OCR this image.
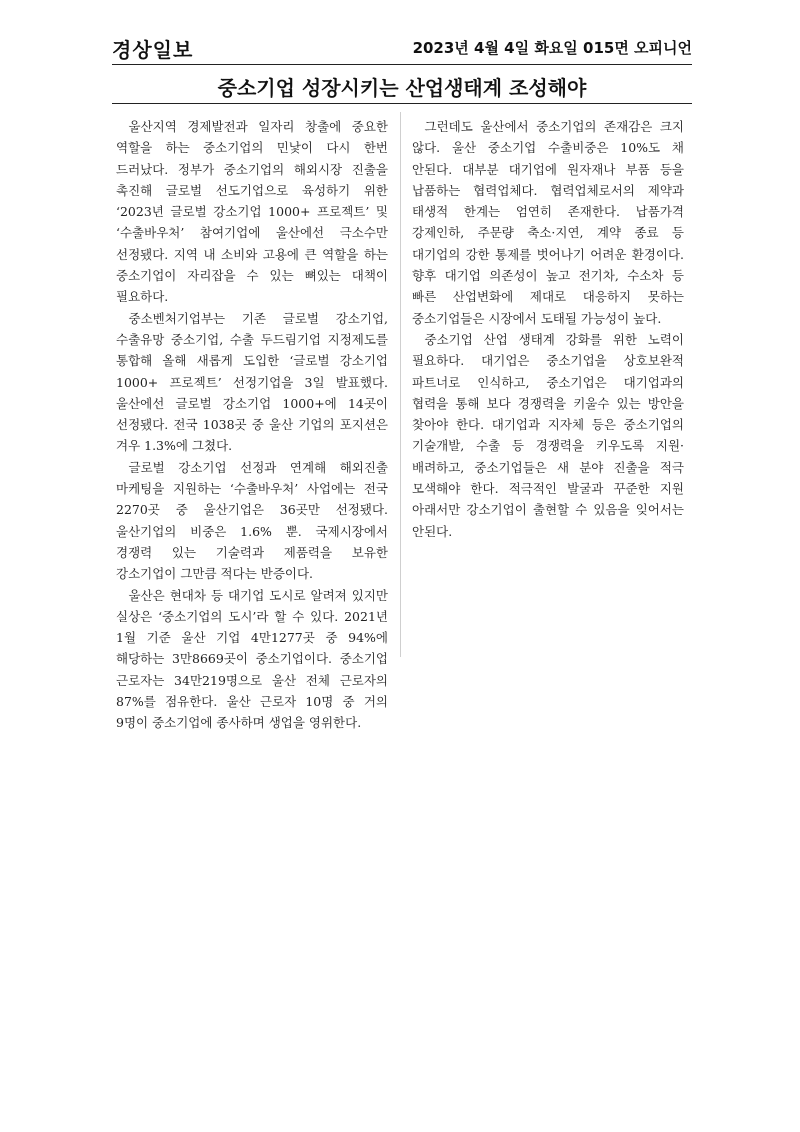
경상일보	2023년 4월 4일 화요일 015면 오피니언
중소기업 성장시키는 산업생태계 조성해야

울산지역 경제발전과 일자리 창출에 중요한 역할을 하는 중소기업의 민낯이 다시 한번 드러났다. 정부가 중소기업의 해외시장 진출을 촉진해 글로벌 선도기업으로 육성하기 위한 ‘2023년 글로벌 강소기업 1000+ 프로젝트’ 및 ‘수출바우처’ 참여기업에 울산에선 극소수만 선정됐다. 지역 내 소비와 고용에 큰 역할을 하는 중소기업이 자리잡을 수 있는 뼈있는 대책이 필요하다.

중소벤처기업부는 기존 글로벌 강소기업, 수출유망 중소기업, 수출 두드림기업 지정제도를 통합해 올해 새롭게 도입한 ‘글로벌 강소기업 1000+ 프로젝트’ 선정기업을 3일 발표했다. 울산에선 글로벌 강소기업 1000+에 14곳이 선정됐다. 전국 1038곳 중 울산 기업의 포지션은 겨우 1.3%에 그쳤다.

글로벌 강소기업 선정과 연계해 해외진출 마케팅을 지원하는 ‘수출바우처’ 사업에는 전국 2270곳 중 울산기업은 36곳만 선정됐다. 울산기업의 비중은 1.6% 뿐. 국제시장에서 경쟁력 있는 기술력과 제품력을 보유한 강소기업이 그만큼 적다는 반증이다.

울산은 현대차 등 대기업 도시로 알려져 있지만 실상은 ‘중소기업의 도시’라 할 수 있다. 2021년 1월 기준 울산 기업 4만1277곳 중 94%에 해당하는 3만8669곳이 중소기업이다. 중소기업 근로자는 34만219명으로 울산 전체 근로자의 87%를 점유한다. 울산 근로자 10명 중 거의 9명이 중소기업에 종사하며 생업을 영위한다.

그런데도 울산에서 중소기업의 존재감은 크지 않다. 울산 중소기업 수출비중은 10%도 채 안된다. 대부분 대기업에 원자재나 부품 등을 납품하는 협력업체다. 협력업체로서의 제약과 태생적 한계는 엄연히 존재한다. 납품가격 강제인하, 주문량 축소·지연, 계약 종료 등 대기업의 강한 통제를 벗어나기 어려운 환경이다. 향후 대기업 의존성이 높고 전기차, 수소차 등 빠른 산업변화에 제대로 대응하지 못하는 중소기업들은 시장에서 도태될 가능성이 높다.

중소기업 산업 생태계 강화를 위한 노력이 필요하다. 대기업은 중소기업을 상호보완적 파트너로 인식하고, 중소기업은 대기업과의 협력을 통해 보다 경쟁력을 키울수 있는 방안을 찾아야 한다. 대기업과 지자체 등은 중소기업의 기술개발, 수출 등 경쟁력을 키우도록 지원·배려하고, 중소기업들은 새 분야 진출을 적극 모색해야 한다. 적극적인 발굴과 꾸준한 지원 아래서만 강소기업이 출현할 수 있음을 잊어서는 안된다.
